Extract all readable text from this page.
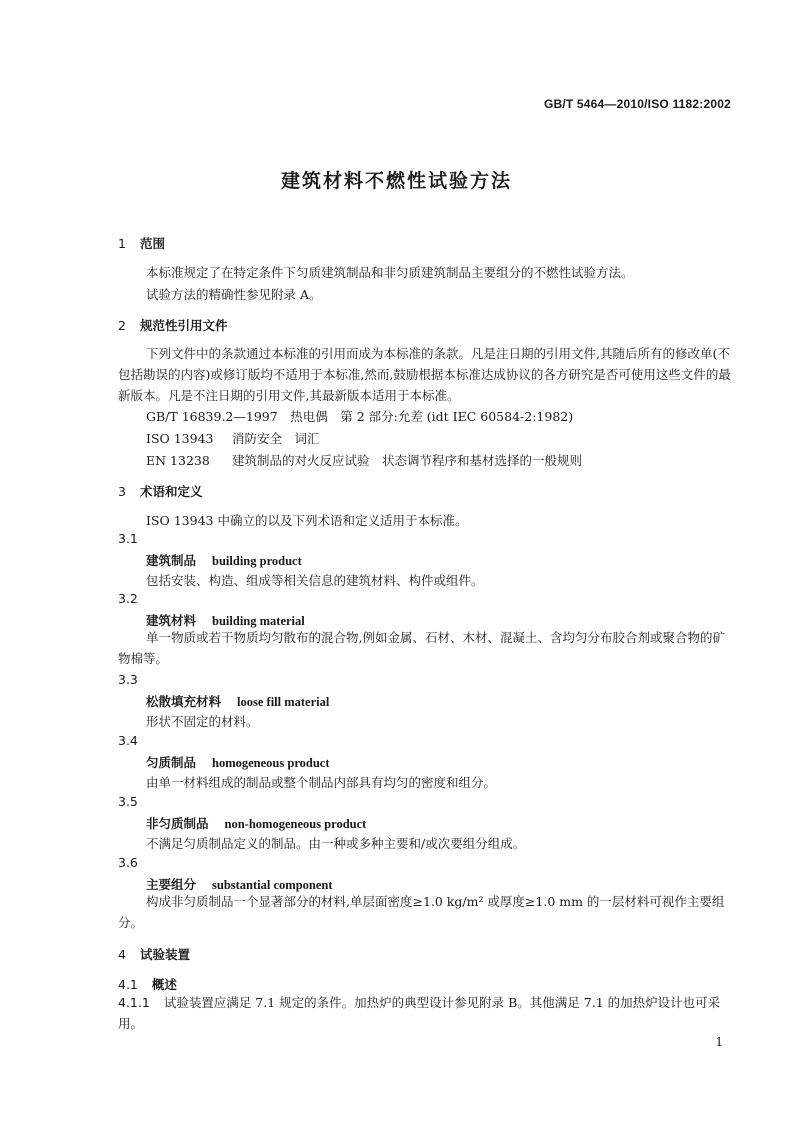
GB/T 5464—2010/ISO 1182:2002
建筑材料不燃性试验方法
1 范围
本标准规定了在特定条件下匀质建筑制品和非匀质建筑制品主要组分的不燃性试验方法。
试验方法的精确性参见附录 A。
2 规范性引用文件
下列文件中的条款通过本标准的引用而成为本标准的条款。凡是注日期的引用文件,其随后所有的修改单(不包括勘误的内容)或修订版均不适用于本标准,然而,鼓励根据本标准达成协议的各方研究是否可使用这些文件的最新版本。凡是不注日期的引用文件,其最新版本适用于本标准。
GB/T 16839.2—1997　 热电偶　第 2 部分:允差 (idt IEC 60584-2:1982)
ISO 13943 消防安全　词汇
EN 13238 建筑制品的对火反应试验　状态调节程序和基材选择的一般规则
3 术语和定义
ISO 13943 中确立的以及下列术语和定义适用于本标准。
3.1
建筑制品 building product
包括安装、构造、组成等相关信息的建筑材料、构件或组件。
3.2
建筑材料 building material
单一物质或若干物质均匀散布的混合物,例如金属、石材、木材、混凝土、含均匀分布胶合剂或聚合物的矿物棉等。
3.3
松散填充材料 loose fill material
形状不固定的材料。
3.4
匀质制品 homogeneous product
由单一材料组成的制品或整个制品内部具有均匀的密度和组分。
3.5
非匀质制品 non-homogeneous product
不满足匀质制品定义的制品。由一种或多种主要和/或次要组分组成。
3.6
主要组分 substantial component
构成非匀质制品一个显著部分的材料,单层面密度≥1.0 kg/m² 或厚度≥1.0 mm 的一层材料可视作主要组分。
4 试验装置
4.1 概述
4.1.1 试验装置应满足 7.1 规定的条件。加热炉的典型设计参见附录 B。其他满足 7.1 的加热炉设计也可采用。
1
